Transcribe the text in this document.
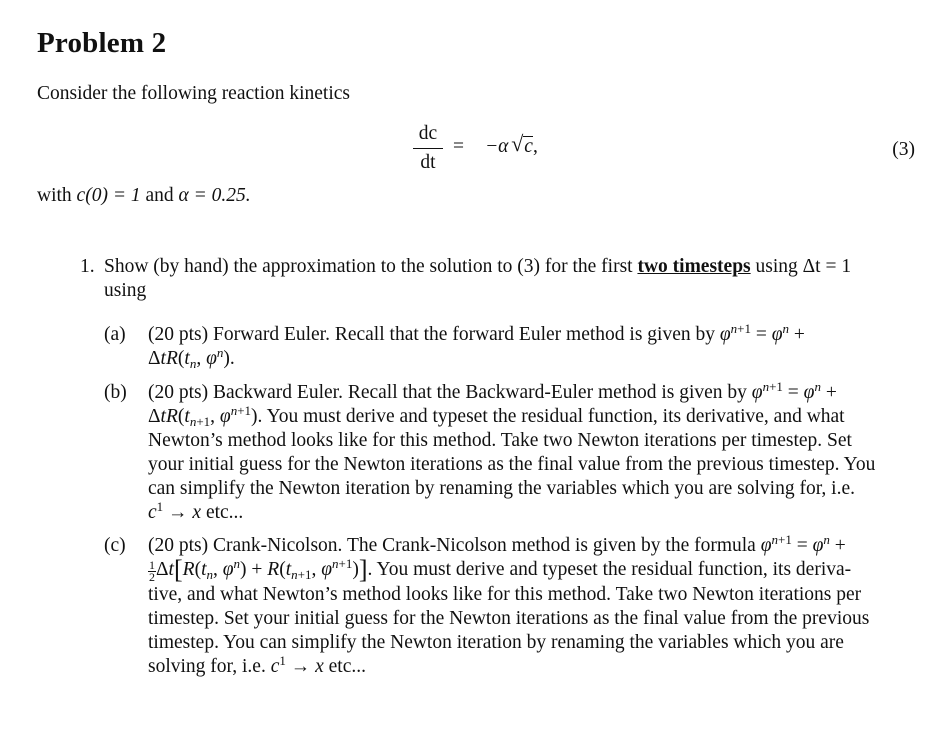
Problem 2
Consider the following reaction kinetics
dc
dt
= −α √ c,	(3)
with c(0) = 1 and α = 0.25.
1. Show (by hand) the approximation to the solution to (3) for the first two timesteps using Δt = 1
using
(a) (20 pts) Forward Euler. Recall that the forward Euler method is given by $\varphi^{n+1} = \varphi^n$ +
$\Delta tR(t_n$, $\varphi^n$).
(b) (20 pts) Backward Euler. Recall that the Backward-Euler method is given by $\varphi^{n+1} = \varphi^n$ +
$\Delta tR(t_{n+1}$, $\varphi^{n+1}$). You must derive and typeset the residual function, its derivative, and what
Newton’s method looks like for this method. Take two Newton iterations per timestep. Set
your initial guess for the Newton iterations as the final value from the previous timestep. You
can simplify the Newton iteration by renaming the variables which you are solving for, i.e.
$c^1 \to x$ etc...
(c) (20 pts) Crank-Nicolson. The Crank-Nicolson method is given by the formula $\varphi^{n+1} = \varphi^n$ +
$\frac{1}{2}\Delta t[R(t_n$, $\varphi^n) + R(t_{n+1}$, $\varphi^{n+1}$)]. You must derive and typeset the residual function, its deriva-
tive, and what Newton’s method looks like for this method. Take two Newton iterations per
timestep. Set your initial guess for the Newton iterations as the final value from the previous
timestep. You can simplify the Newton iteration by renaming the variables which you are
solving for, i.e. $c^1 \to x$ etc...
